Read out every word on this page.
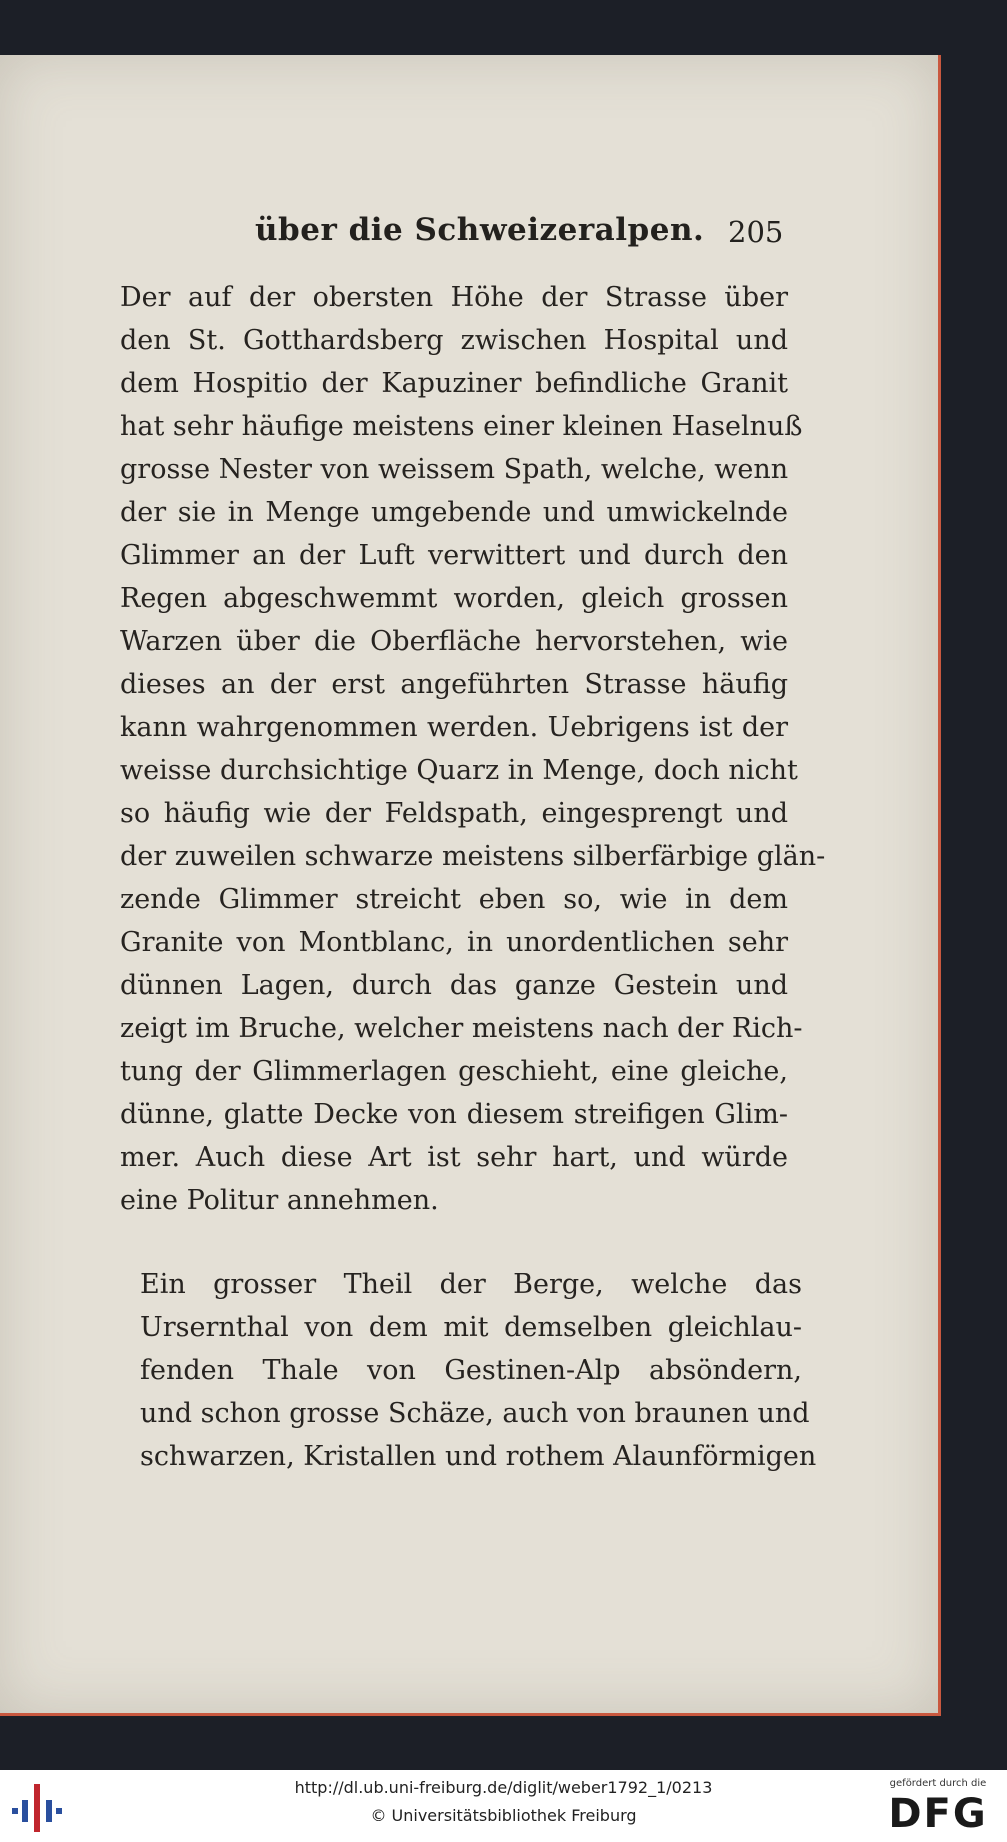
über die Schweizeralpen. 205
Der auf der obersten Höhe der Strasse über
den St. Gotthardsberg zwischen Hospital und
dem Hospitio der Kapuziner befindliche Granit
hat sehr häufige meistens einer kleinen Haselnuß
grosse Nester von weissem Spath, welche, wenn
der sie in Menge umgebende und umwickelnde
Glimmer an der Luft verwittert und durch den
Regen abgeschwemmt worden, gleich grossen
Warzen über die Oberfläche hervorstehen, wie
dieses an der erst angeführten Strasse häufig
kann wahrgenommen werden. Uebrigens ist der
weisse durchsichtige Quarz in Menge, doch nicht
so häufig wie der Feldspath, eingesprengt und
der zuweilen schwarze meistens silberfärbige glän-
zende Glimmer streicht eben so, wie in dem
Granite von Montblanc, in unordentlichen sehr
dünnen Lagen, durch das ganze Gestein und
zeigt im Bruche, welcher meistens nach der Rich-
tung der Glimmerlagen geschieht, eine gleiche,
dünne, glatte Decke von diesem streifigen Glim-
mer. Auch diese Art ist sehr hart, und würde
eine Politur annehmen.
Ein grosser Theil der Berge, welche das
Ursernthal von dem mit demselben gleichlau-
fenden Thale von Gestinen-Alp absöndern,
und schon grosse Schäze, auch von braunen und
schwarzen, Kristallen und rothem Alaunförmigen
http://dl.ub.uni-freiburg.de/diglit/weber1792_1/0213
© Universitätsbibliothek Freiburg
gefördert durch die
DFG
